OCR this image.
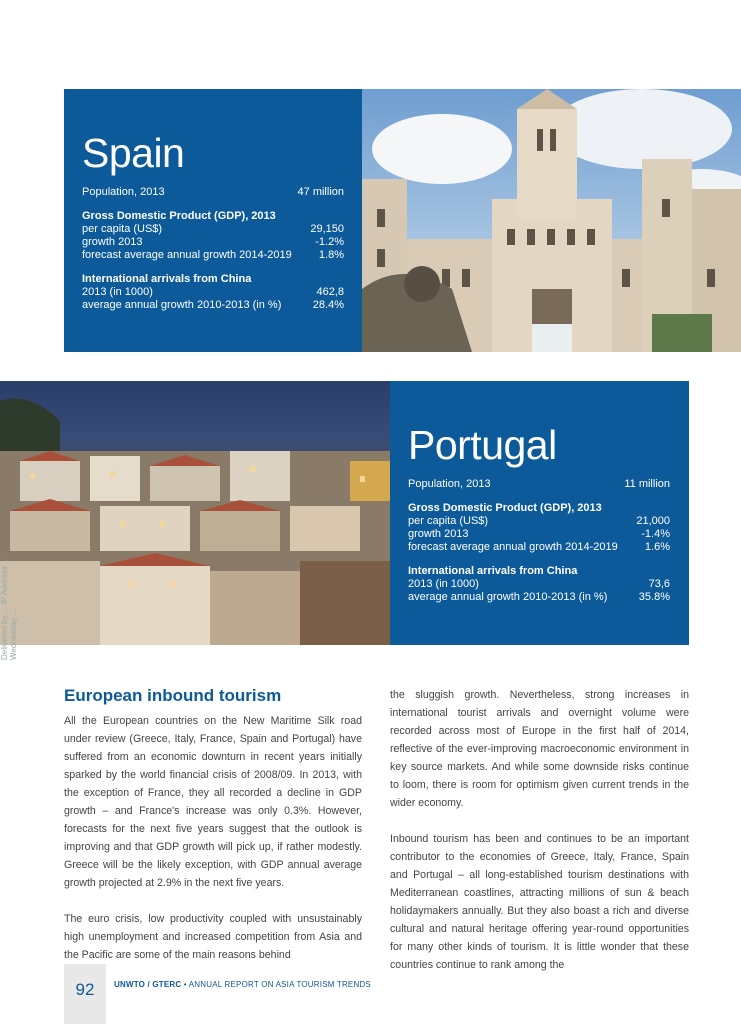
Spain
Population, 2013	47 million
Gross Domestic Product (GDP), 2013
per capita (US$)	29,150
growth 2013	-1.2%
forecast average annual growth 2014-2019 1.8%
International arrivals from China
2013 (in 1000)	462,8
average annual growth 2010-2013 (in %)	28.4%
Delivered by ... IP Address ... Wednesday ...
Portugal
Population, 2013	11 million
Gross Domestic Product (GDP), 2013
per capita (US$)	21,000
growth 2013	-1.4%
forecast average annual growth 2014-2019 1.6%
International arrivals from China
2013 (in 1000)	73,6
average annual growth 2010-2013 (in %)	35.8%
European inbound tourism

All the European countries on the New Maritime Silk road under review (Greece, Italy, France, Spain and Portugal) have suffered from an economic downturn in recent years initially sparked by the world financial crisis of 2008/09. In 2013, with the exception of France, they all recorded a decline in GDP growth – and France's increase was only 0.3%. However, forecasts for the next five years suggest that the outlook is improving and that GDP growth will pick up, if rather modestly. Greece will be the likely exception, with GDP annual average growth projected at 2.9% in the next five years.

The euro crisis, low productivity coupled with unsustainably high unemployment and increased competition from Asia and the Pacific are some of the main reasons behind

the sluggish growth. Nevertheless, strong increases in international tourist arrivals and overnight volume were recorded across most of Europe in the first half of 2014, reflective of the ever-improving macroeconomic environment in key source markets. And while some downside risks continue to loom, there is room for optimism given current trends in the wider economy.

Inbound tourism has been and continues to be an important contributor to the economies of Greece, Italy, France, Spain and Portugal – all long-established tourism destinations with Mediterranean coastlines, attracting millions of sun & beach holidaymakers annually. But they also boast a rich and diverse cultural and natural heritage offering year-round opportunities for many other kinds of tourism. It is little wonder that these countries continue to rank among the

92	UNWTO / GTERC • ANNUAL REPORT ON ASIA TOURISM TRENDS
